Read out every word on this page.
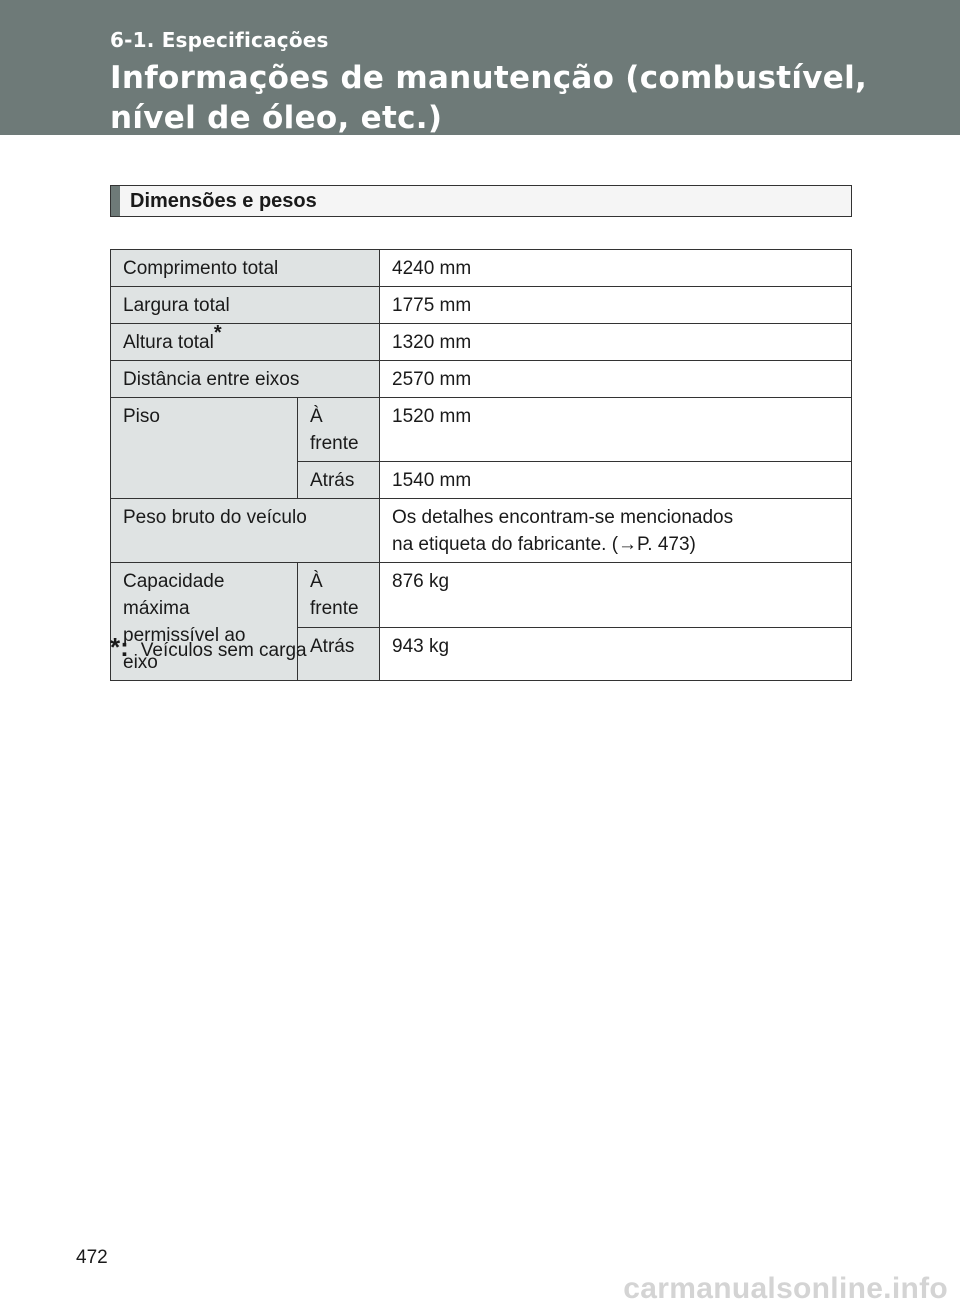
6-1. Especificações
Informações de manutenção (combustível, nível de óleo, etc.)
Dimensões e pesos
Comprimento total		4240 mm
Largura total		1775 mm
Altura total*		1320 mm
Distância entre eixos		2570 mm
Piso	À frente	1520 mm
	Atrás	1540 mm
Peso bruto do veículo		Os detalhes encontram-se mencionados
na etiqueta do fabricante. (→P. 473)
Capacidade
máxima
permissível ao eixo	À frente	876 kg
	Atrás	943 kg
*: Veículos sem carga
472
carmanualsonline.info
